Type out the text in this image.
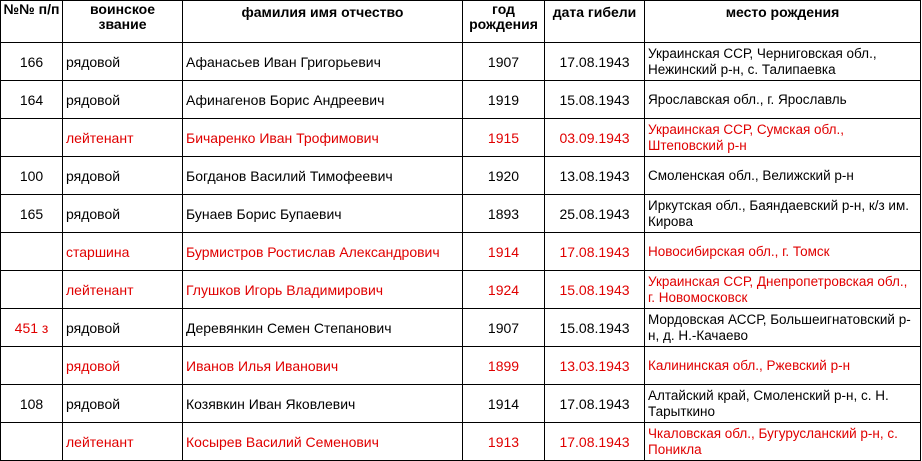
№№ п/п	воинское звание	фамилия имя отчество	год рождения	дата гибели	место рождения
166	рядовой	Афанасьев Иван Григорьевич	1907	17.08.1943	Украинская ССР, Черниговская обл., Нежинский р-н, с. Талипаевка
164	рядовой	Афинагенов Борис Андреевич	1919	15.08.1943	Ярославская обл., г. Ярославль
	лейтенант	Бичаренко Иван Трофимович	1915	03.09.1943	Украинская ССР, Сумская обл., Штеповский р-н
100	рядовой	Богданов Василий Тимофеевич	1920	13.08.1943	Смоленская обл., Велижский р-н
165	рядовой	Бунаев Борис Бупаевич	1893	25.08.1943	Иркутская обл., Баяндаевский р-н, к/з им. Кирова
	старшина	Бурмистров Ростислав Александрович	1914	17.08.1943	Новосибирская обл., г. Томск
	лейтенант	Глушков Игорь Владимирович	1924	15.08.1943	Украинская ССР, Днепропетровская обл., г. Новомосковск
451 з	рядовой	Деревянкин Семен Степанович	1907	15.08.1943	Мордовская АССР, Большеигнатовский р-н, д. Н.-Качаево
	рядовой	Иванов Илья Иванович	1899	13.03.1943	Калининская обл., Ржевский р-н
108	рядовой	Козявкин Иван Яковлевич	1914	17.08.1943	Алтайский край, Смоленский р-н, с. Н. Тарыткино
	лейтенант	Косырев Василий Семенович	1913	17.08.1943	Чкаловская обл., Бугурусланский р-н, с. Поникла
